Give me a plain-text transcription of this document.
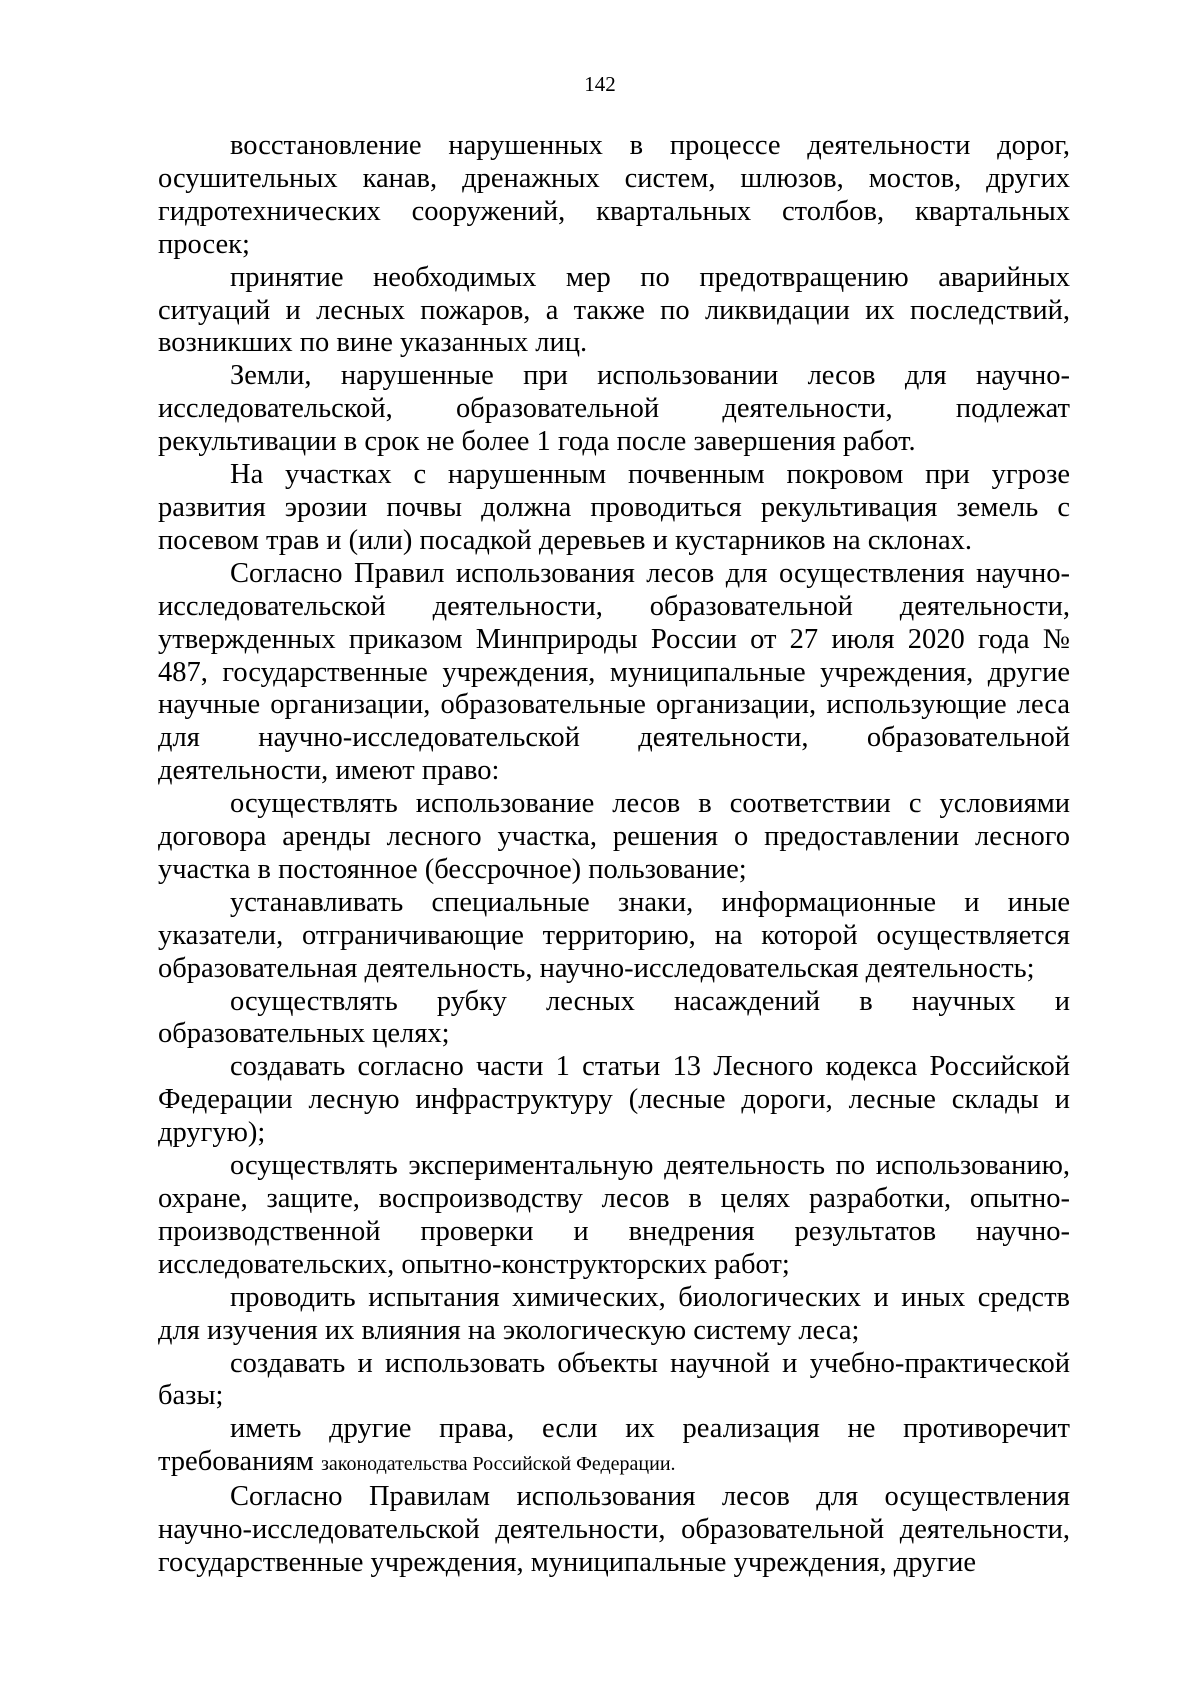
142

восстановление нарушенных в процессе деятельности дорог, осушительных канав, дренажных систем, шлюзов, мостов, других гидротехнических сооружений, квартальных столбов, квартальных просек;

принятие необходимых мер по предотвращению аварийных ситуаций и лесных пожаров, а также по ликвидации их последствий, возникших по вине указанных лиц.

Земли, нарушенные при использовании лесов для научно-исследовательской, образовательной деятельности, подлежат рекультивации в срок не более 1 года после завершения работ.

На участках с нарушенным почвенным покровом при угрозе развития эрозии почвы должна проводиться рекультивация земель с посевом трав и (или) посадкой деревьев и кустарников на склонах.

Согласно Правил использования лесов для осуществления научно-исследовательской деятельности, образовательной деятельности, утвержденных приказом Минприроды России от 27 июля 2020 года № 487, государственные учреждения, муниципальные учреждения, другие научные организации, образовательные организации, использующие леса для научно-исследовательской деятельности, образовательной деятельности, имеют право:

осуществлять использование лесов в соответствии с условиями договора аренды лесного участка, решения о предоставлении лесного участка в постоянное (бессрочное) пользование;

устанавливать специальные знаки, информационные и иные указатели, отграничивающие территорию, на которой осуществляется образовательная деятельность, научно-исследовательская деятельность;

осуществлять рубку лесных насаждений в научных и образовательных целях;

создавать согласно части 1 статьи 13 Лесного кодекса Российской Федерации лесную инфраструктуру (лесные дороги, лесные склады и другую);

осуществлять экспериментальную деятельность по использованию, охране, защите, воспроизводству лесов в целях разработки, опытно-производственной проверки и внедрения результатов научно-исследовательских, опытно-конструкторских работ;

проводить испытания химических, биологических и иных средств для изучения их влияния на экологическую систему леса;

создавать и использовать объекты научной и учебно-практической базы;

иметь другие права, если их реализация не противоречит требованиям законодательства Российской Федерации.

Согласно Правилам использования лесов для осуществления научно-исследовательской деятельности, образовательной деятельности, государственные учреждения, муниципальные учреждения, другие
